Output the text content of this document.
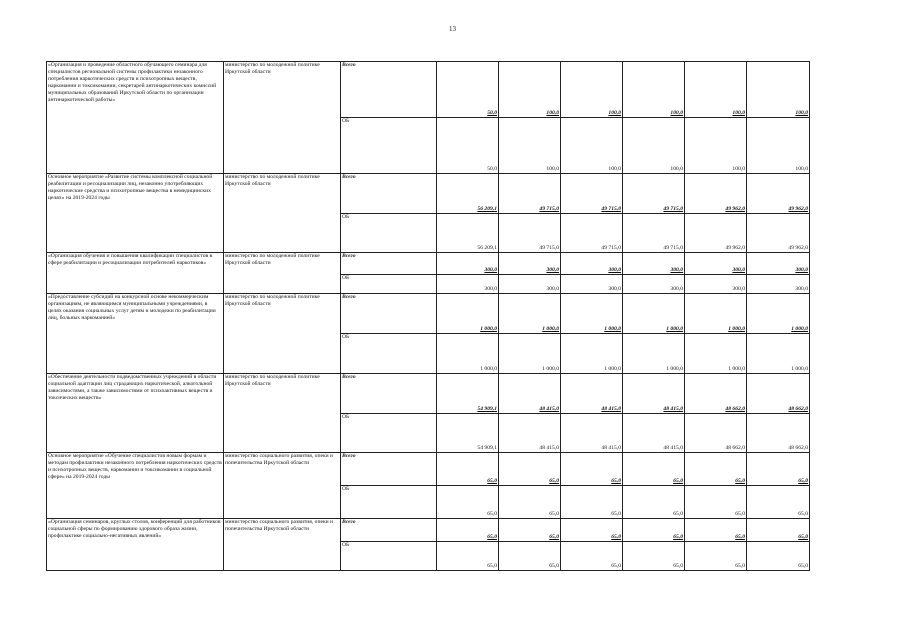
13
«Организация и проведение областного обучающего семинара для специалистов региональной системы профилактики незаконного потребления наркотических средств и психотропных веществ, наркомании и токсикомании, секретарей антинаркотических комиссий муниципальных образований Иркутской области по организации антинаркотической работы»	министерство по молодежной политике Иркутской области	Всего	50,0	100,0	100,0	100,0	100,0	100,0
		ОБ	50,0	100,0	100,0	100,0	100,0	100,0
Основное мероприятие «Развитие системы комплексной социальной реабилитации и ресоциализации лиц, незаконно употребляющих наркотические средства и психотропные вещества в немедицинских целях» на 2019-2024 годы	министерство по молодежной политике Иркутской области	Всего	56 209,1	49 715,0	49 715,0	49 715,0	49 962,0	49 962,0
		ОБ	56 209,1	49 715,0	49 715,0	49 715,0	49 962,0	49 962,0
«Организация обучения и повышения квалификации специалистов в сфере реабилитации и ресоциализации потребителей наркотиков»	министерство по молодежной политике Иркутской области	Всего	300,0	300,0	300,0	300,0	300,0	300,0
		ОБ	300,0	300,0	300,0	300,0	300,0	300,0
«Предоставление субсидий на конкурсной основе некоммерческим организациям, не являющимся муниципальными учреждениями, в целях оказания социальных услуг детям и молодежи по реабилитации лиц, больных наркоманией»	министерство по молодежной политике Иркутской области	Всего	1 000,0	1 000,0	1 000,0	1 000,0	1 000,0	1 000,0
		ОБ	1 000,0	1 000,0	1 000,0	1 000,0	1 000,0	1 000,0
«Обеспечение деятельности подведомственных учреждений в области социальной адаптации лиц страдающих наркотической, алкогольной зависимостями, а также зависимостями от психоактивных веществ и токсических веществ»	министерство по молодежной политике Иркутской области	Всего	54 909,1	48 415,0	48 415,0	48 415,0	48 662,0	48 662,0
		ОБ	54 909,1	48 415,0	48 415,0	48 415,0	48 662,0	48 662,0
Основное мероприятие «Обучение специалистов новым формам и методам профилактики незаконного потребления наркотических средств и психотропных веществ, наркомании и токсикомании в социальной сфере» на 2019-2024 годы	министерство социального развития, опеки и попечительства Иркутской области	Всего	65,0	65,0	65,0	65,0	65,0	65,0
		ОБ	65,0	65,0	65,0	65,0	65,0	65,0
«Организация семинаров, круглых столов, конференций для работников социальной сферы по формированию здорового образа жизни, профилактике социально-негативных явлений»	министерство социального развития, опеки и попечительства Иркутской области	Всего	65,0	65,0	65,0	65,0	65,0	65,0
		ОБ	65,0	65,0	65,0	65,0	65,0	65,0
